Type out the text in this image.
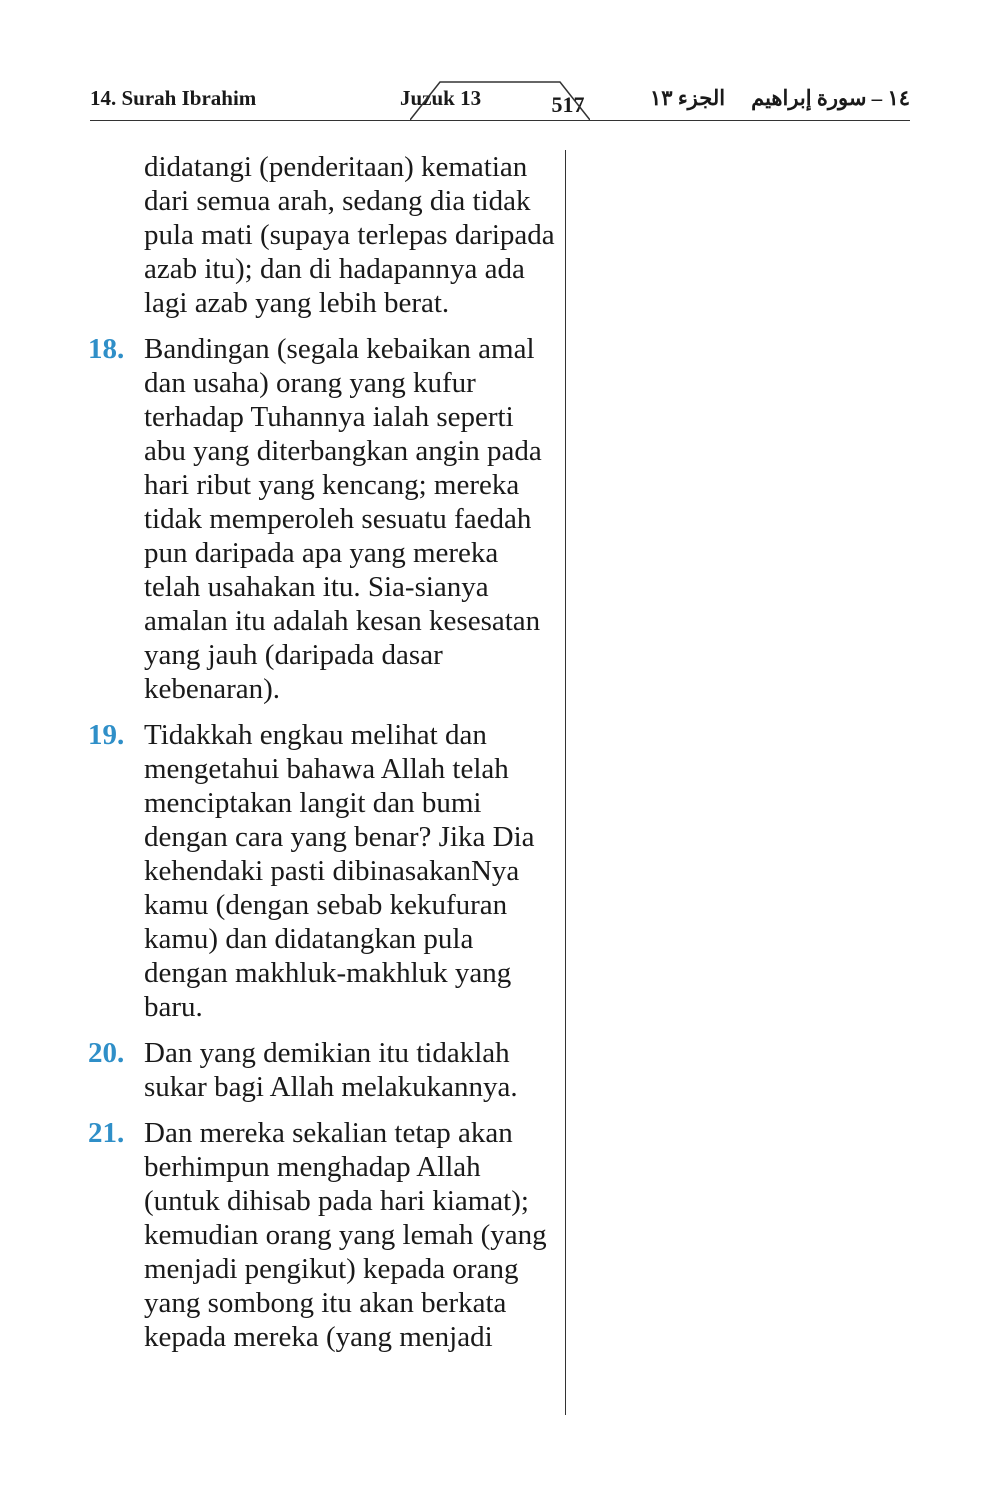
14. Surah Ibrahim	Juzuk 13	517	الجزء ١٣ ١٤ – سورة إبراهيم
didatangi (penderitaan) kematian dari semua arah, sedang dia tidak pula mati (supaya terlepas daripada azab itu); dan di hadapannya ada lagi azab yang lebih berat.
18. Bandingan (segala kebaikan amal dan usaha) orang yang kufur terhadap Tuhannya ialah seperti abu yang diterbangkan angin pada hari ribut yang kencang; mereka tidak memperoleh sesuatu faedah pun daripada apa yang mereka telah usahakan itu. Sia-sianya amalan itu adalah kesan kesesatan yang jauh (daripada dasar kebenaran).
19. Tidakkah engkau melihat dan mengetahui bahawa Allah telah menciptakan langit dan bumi dengan cara yang benar? Jika Dia kehendaki pasti dibinasakanNya kamu (dengan sebab kekufuran kamu) dan didatangkan pula dengan makhluk-makhluk yang baru.
20. Dan yang demikian itu tidaklah sukar bagi Allah melakukannya.
21. Dan mereka sekalian tetap akan berhimpun menghadap Allah (untuk dihisab pada hari kiamat); kemudian orang yang lemah (yang menjadi pengikut) kepada orang yang sombong itu akan berkata kepada mereka (yang menjadi
